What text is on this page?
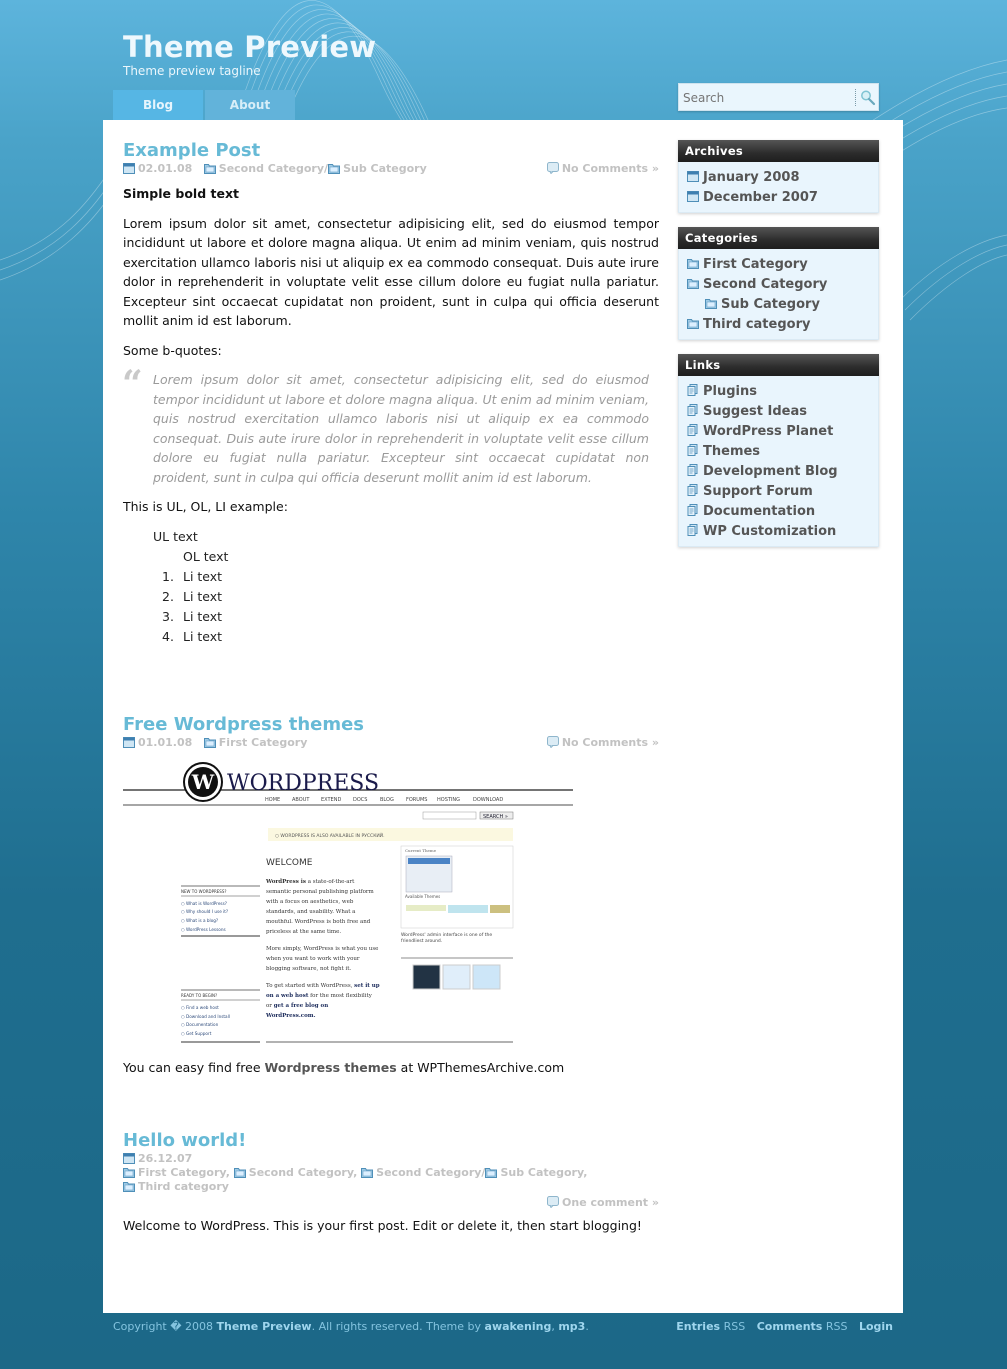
Theme Preview
Theme preview tagline
Blog	About
Search
Example Post
02.01.08 Second Category/ Sub Category	No Comments »
Simple bold text

Lorem ipsum dolor sit amet, consectetur adipisicing elit, sed do eiusmod tempor incididunt ut labore et dolore magna aliqua. Ut enim ad minim veniam, quis nostrud exercitation ullamco laboris nisi ut aliquip ex ea commodo consequat. Duis aute irure dolor in reprehenderit in voluptate velit esse cillum dolore eu fugiat nulla pariatur. Excepteur sint occaecat cupidatat non proident, sunt in culpa qui officia deserunt mollit anim id est laborum.

Some b-quotes:

“ Lorem ipsum dolor sit amet, consectetur adipisicing elit, sed do eiusmod tempor incididunt ut labore et dolore magna aliqua. Ut enim ad minim veniam, quis nostrud exercitation ullamco laboris nisi ut aliquip ex ea commodo consequat. Duis aute irure dolor in reprehenderit in voluptate velit esse cillum dolore eu fugiat nulla pariatur. Excepteur sint occaecat cupidatat non proident, sunt in culpa qui officia deserunt mollit anim id est laborum.

This is UL, OL, LI example:

UL text
OL text
1. Li text
2. Li text
3. Li text
4. Li text
Free Wordpress themes
01.01.08 First Category	No Comments »
W WORDPRESS
HOME ABOUT EXTEND DOCS	BLOG FORUMS HOSTING	DOWNLOAD
SEARCH »
○ WORDPRESS IS ALSO AVAILABLE IN РУССКИЙ.
WELCOME
Current Theme
Available Themes
WordPress' admin interface is one of the
friendliest around.
NEW TO WORDPRESS?
○ What is WordPress?
○ Why should I use it?
○ What is a blog?
○ WordPress Lessons
READY TO BEGIN?
○ Find a web host
○ Download and Install
○ Documentation
○ Get Support
WordPress is a state-of-the-art
semantic personal publishing platform
with a focus on aesthetics, web
standards, and usability. What a
mouthful. WordPress is both free and
priceless at the same time.
More simply, WordPress is what you use
when you want to work with your
blogging software, not fight it.
To get started with WordPress, set it up
on a web host for the most flexibility
or get a free blog on
WordPress.com.

You can easy find free Wordpress themes at WPThemesArchive.com

Hello world!
26.12.07
First Category, Second Category, Second Category/ Sub Category,
Third category
One comment »

Welcome to WordPress. This is your first post. Edit or delete it, then start blogging!

Archives
January 2008
December 2007
Categories
First Category
Second Category
Sub Category
Third category
Links
Plugins
Suggest Ideas
WordPress Planet
Themes
Development Blog
Support Forum
Documentation
WP Customization
Copyright � 2008 Theme Preview. All rights reserved. Theme by awakening, mp3.	Entries RSS Comments RSS Login
